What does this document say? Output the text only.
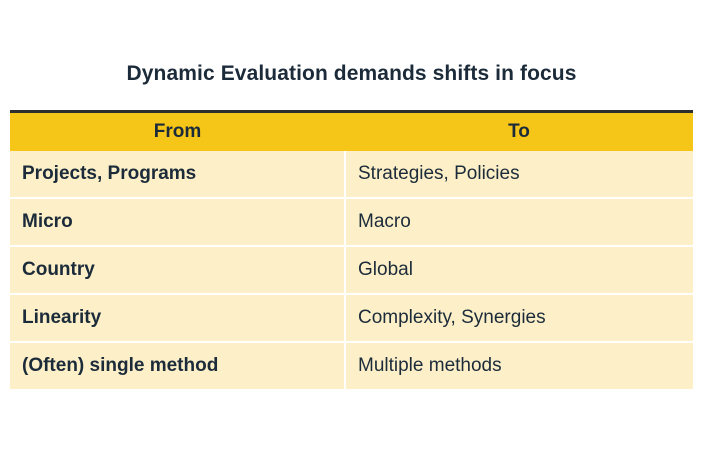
Dynamic Evaluation demands shifts in focus
From	To
Projects, Programs	Strategies, Policies
Micro	Macro
Country	Global
Linearity	Complexity, Synergies
(Often) single method	Multiple methods
